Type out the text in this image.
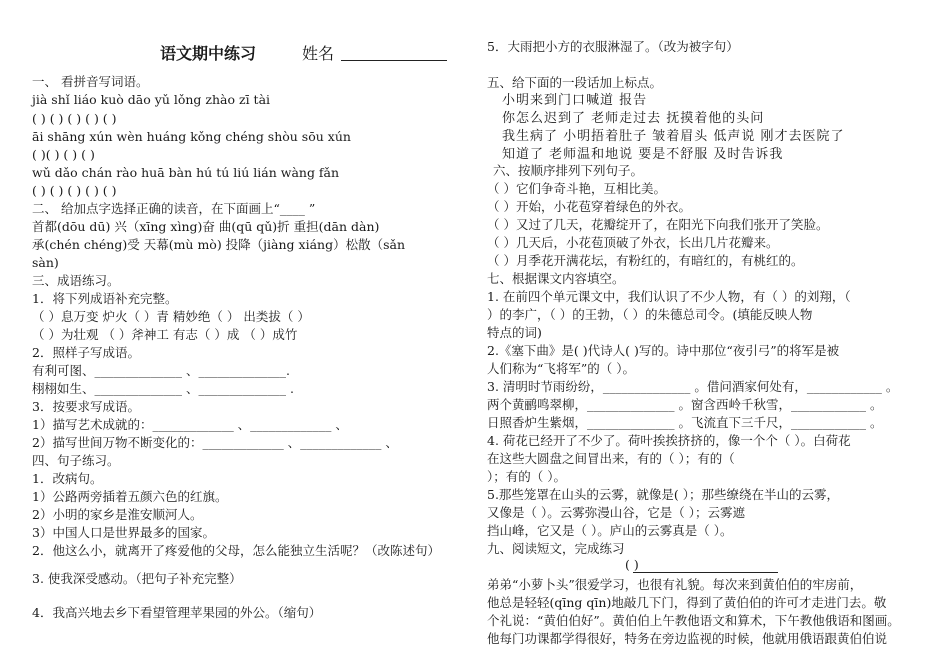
语文期中练习	姓名
一、 看拼音写词语。
jià shǐ liáo kuò dāo yǔ lǒng zhào zī tài
( ) ( ) ( ) ( ) ( )
āi shāng xún wèn huáng kǒng chéng shòu sōu xún
( )( ) ( ) ( )
wǔ dǎo chán rào huā bàn hú tú liú lián wàng fǎn
( ) ( ) ( ) ( ) ( )
二、 给加点字选择正确的读音，在下面画上“____ ”
首都(dōu dū) 兴（xīng xìng)奋 曲(qū qǔ)折 重担(dān dàn)
承(chén chéng)受 天幕(mù mò) 投降（jiàng xiáng）松散（sǎn
sàn)
三、成语练习。
1．将下列成语补充完整。
（ ）息万变 炉火（ ）青 精妙绝（ ） 出类拔（ ）
（ ）为壮观 （ ）斧神工 有志（ ）成 （ ）成竹
2．照样子写成语。
有利可图、______________ 、______________.
栩栩如生、______________ 、______________ .
3．按要求写成语。
1）描写艺术成就的：_____________ 、_____________ 、
2）描写世间万物不断变化的：_____________ 、_____________ 、
四、句子练习。
1．改病句。
1）公路两旁插着五颜六色的红旗。
2）小明的家乡是淮安顺河人。
3）中国人口是世界最多的国家。
2．他这么小，就离开了疼爱他的父母，怎么能独立生活呢？（改陈述句）
3. 使我深受感动。（把句子补充完整）
4．我高兴地去乡下看望管理苹果园的外公。（缩句）
5．大雨把小方的衣服淋湿了。（改为被字句）
五、给下面的一段话加上标点。
小明来到门口喊道 报告
你怎么迟到了 老师走过去 抚摸着他的头问
我生病了 小明捂着肚子 皱着眉头 低声说 刚才去医院了
知道了 老师温和地说 要是不舒服 及时告诉我
六、按顺序排列下列句子。
（ ）它们争奇斗艳，互相比美。
（ ）开始，小花苞穿着绿色的外衣。
（ ）又过了几天，花瓣绽开了，在阳光下向我们张开了笑脸。
（ ）几天后，小花苞顶破了外衣，长出几片花瓣来。
（ ）月季花开满花坛，有粉红的，有暗红的，有桃红的。
七、根据课文内容填空。
1. 在前四个单元课文中，我们认识了不少人物，有（ ）的刘翔，（
）的李广，（ ）的王勃，（ ）的朱德总司令。(填能反映人物
特点的词)
2.《塞下曲》是( )代诗人( )写的。诗中那位“夜引弓”的将军是被
人们称为“飞将军”的（ ）。
3. 清明时节雨纷纷，______________ 。借问酒家何处有，____________ 。
两个黄鹂鸣翠柳，______________ 。窗含西岭千秋雪，____________ 。
日照香炉生紫烟，______________ 。飞流直下三千尺，____________ 。
4. 荷花已经开了不少了。荷叶挨挨挤挤的，像一个个（ ）。白荷花
在这些大圆盘之间冒出来，有的（ ）；有的（
）；有的（ ）。
5.那些笼罩在山头的云雾，就像是( ）；那些缭绕在半山的云雾，
又像是（ ）。云雾弥漫山谷，它是（ ）；云雾遮
挡山峰，它又是（ ）。庐山的云雾真是（ ）。
九、阅读短文，完成练习
( )
弟弟“小萝卜头”很爱学习，也很有礼貌。每次来到黄伯伯的牢房前，
他总是轻轻(qīng qīn)地敲几下门，得到了黄伯伯的许可才走进门去。敬
个礼说：“黄伯伯好”。黄伯伯上午教他语文和算术，下午教他俄语和图画。
他每门功课都学得很好，特务在旁边监视的时候，他就用俄语跟黄伯伯说
